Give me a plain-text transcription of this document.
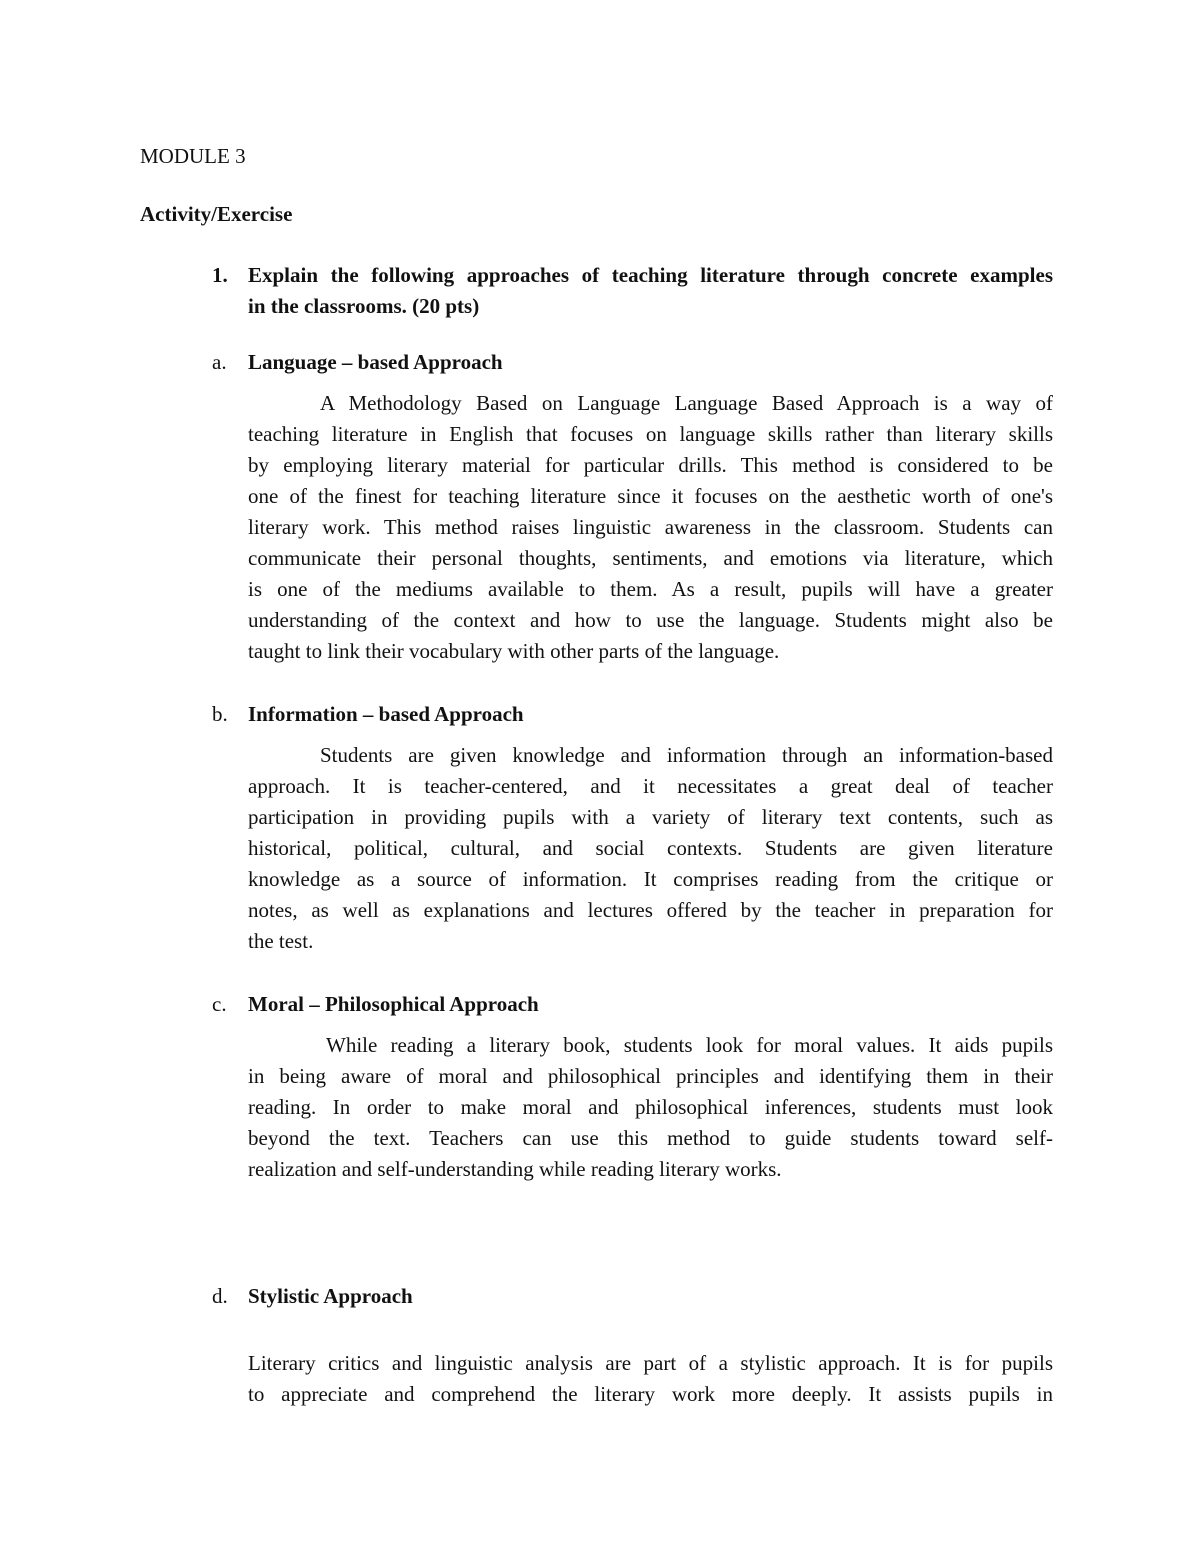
MODULE 3
Activity/Exercise
1. Explain the following approaches of teaching literature through concrete examples
in the classrooms. (20 pts)
a. Language – based Approach
A Methodology Based on Language Language Based Approach is a way of
teaching literature in English that focuses on language skills rather than literary skills
by employing literary material for particular drills. This method is considered to be
one of the finest for teaching literature since it focuses on the aesthetic worth of one's
literary work. This method raises linguistic awareness in the classroom. Students can
communicate their personal thoughts, sentiments, and emotions via literature, which
is one of the mediums available to them. As a result, pupils will have a greater
understanding of the context and how to use the language. Students might also be
taught to link their vocabulary with other parts of the language.
b. Information – based Approach
Students are given knowledge and information through an information-based
approach. It is teacher-centered, and it necessitates a great deal of teacher
participation in providing pupils with a variety of literary text contents, such as
historical, political, cultural, and social contexts. Students are given literature
knowledge as a source of information. It comprises reading from the critique or
notes, as well as explanations and lectures offered by the teacher in preparation for
the test.
c. Moral – Philosophical Approach
While reading a literary book, students look for moral values. It aids pupils
in being aware of moral and philosophical principles and identifying them in their
reading. In order to make moral and philosophical inferences, students must look
beyond the text. Teachers can use this method to guide students toward self-
realization and self-understanding while reading literary works.
d. Stylistic Approach
Literary critics and linguistic analysis are part of a stylistic approach. It is for pupils
to appreciate and comprehend the literary work more deeply. It assists pupils in
